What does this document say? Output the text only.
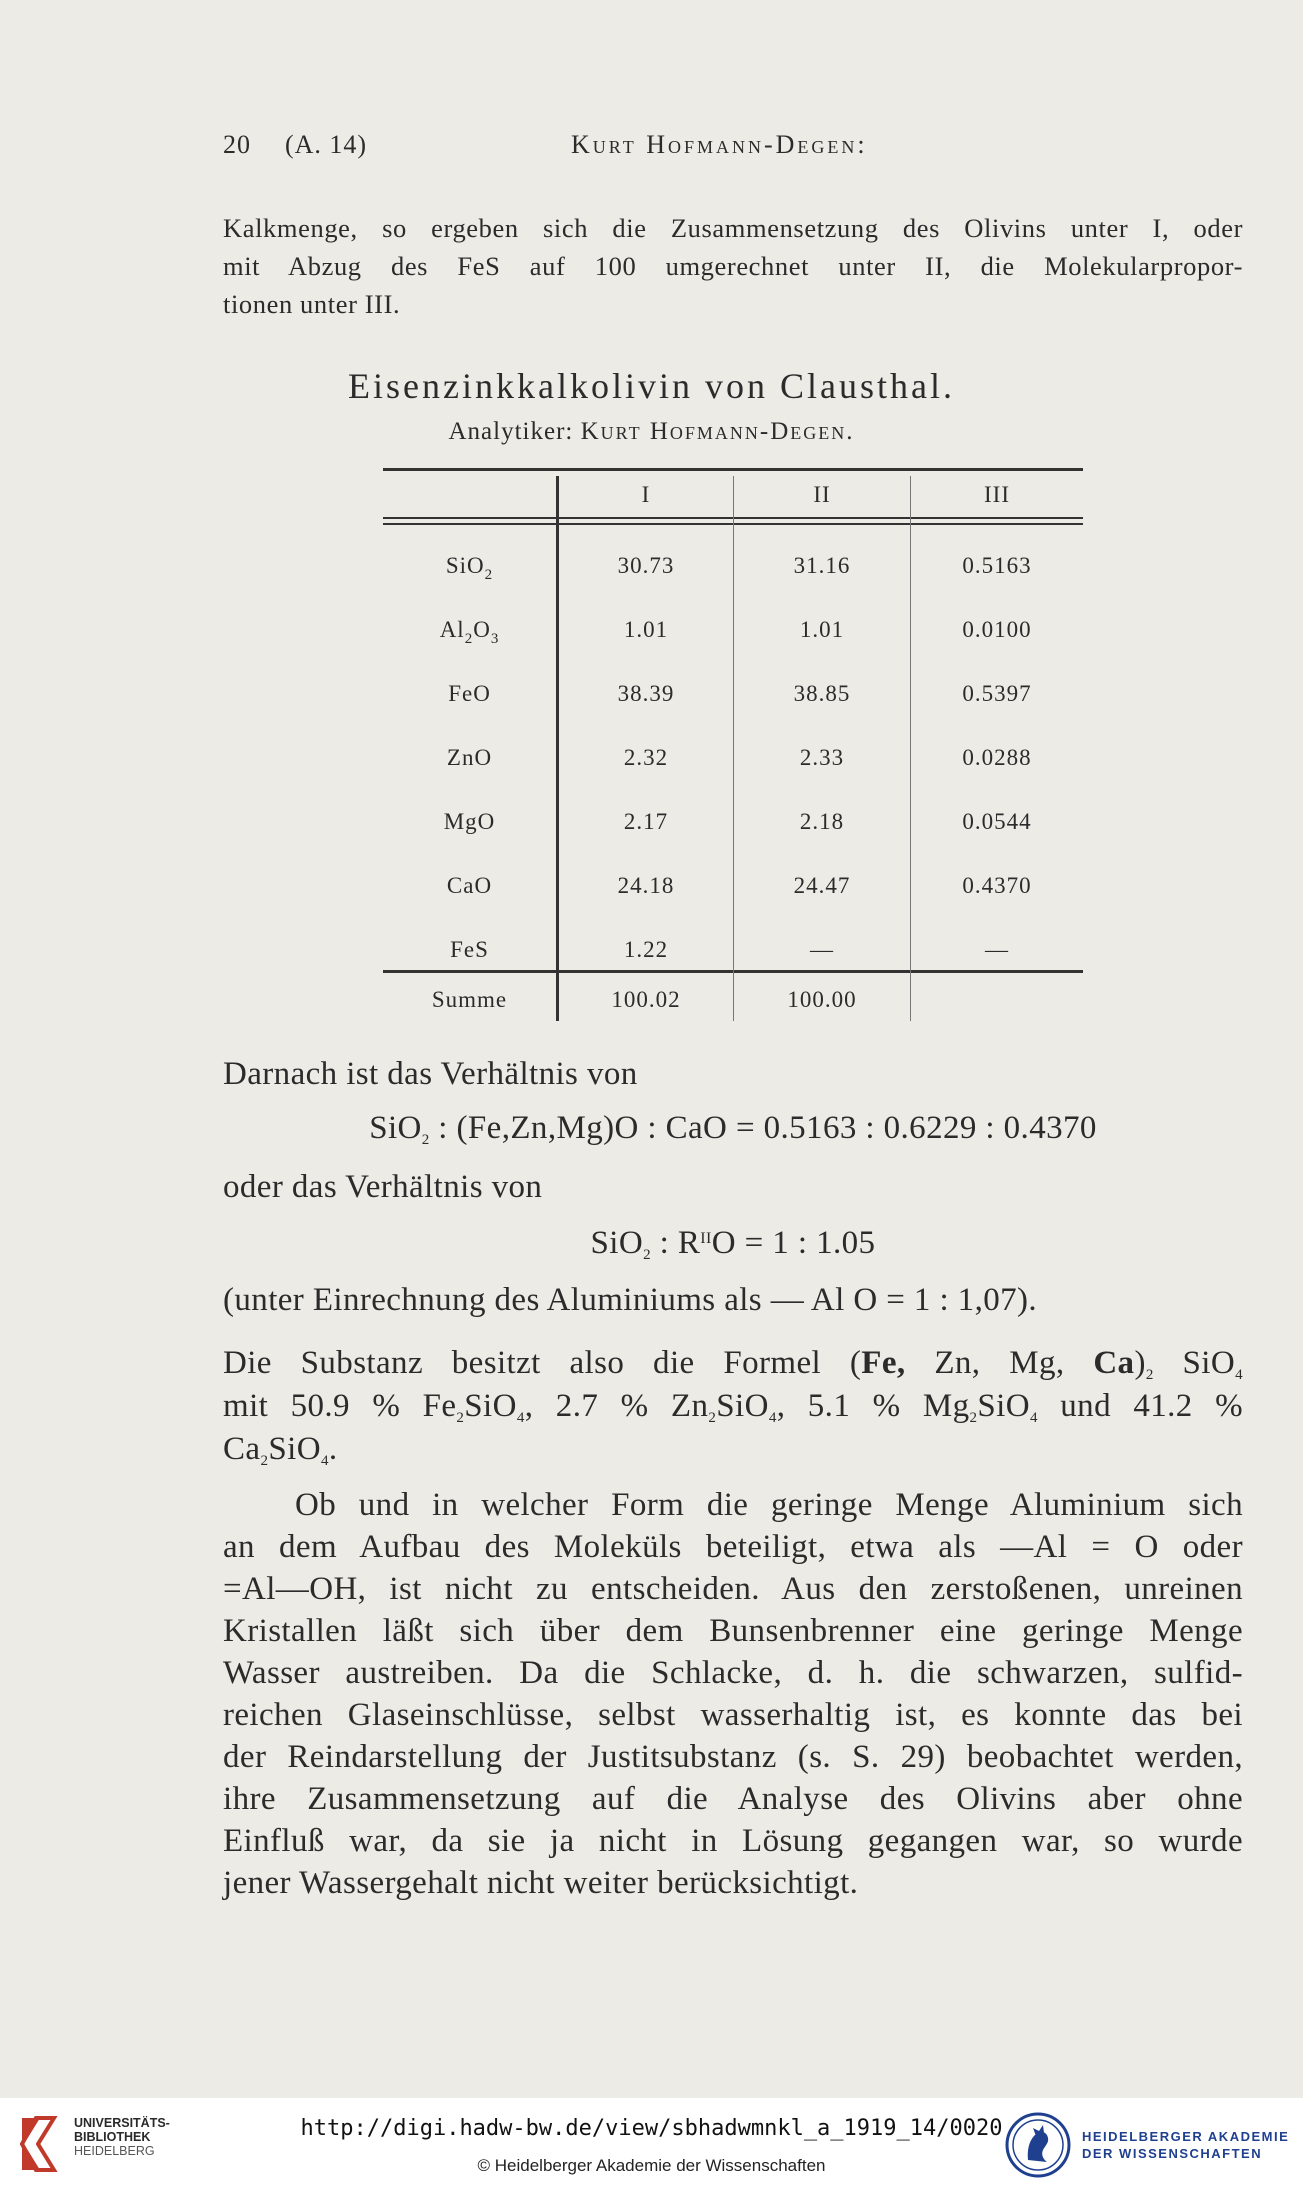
20 (A. 14)	Kurt Hofmann-Degen:
Kalkmenge, so ergeben sich die Zusammensetzung des Olivins unter I, oder
mit Abzug des FeS auf 100 umgerechnet unter II, die Molekularpropor-
tionen unter III.
Eisenzinkkalkolivin von Clausthal.
Analytiker: Kurt Hofmann-Degen.
I	II	III
SiO$_2$	30.73	31.16	0.5163
$Al_2O_3$	1.01	1.01	0.0100
FeO	38.39	38.85	0.5397
ZnO	2.32	2.33	0.0288
MgO	2.17	2.18	0.0544
CaO	24.18	24.47	0.4370
FeS	1.22	—	—
Summe	100.02	100.00
Darnach ist das Verhältnis von
SiO$_2$ : (Fe,Zn,Mg)O : CaO = 0.5163 : 0.6229 : 0.4370
oder das Verhältnis von
SiO$_2$ : $R^{II}O = 1$ : 1.05
(unter Einrechnung des Aluminiums als — Al O = 1 : 1,07).
Die Substanz besitzt also die Formel (Fe, Zn, Mg, $Ca)_2$ SiO$_4$
mit 50.9 % $Fe_2SiO_4$, 2.7 % $Zn_2SiO_4$, 5.1 % $Mg_2SiO_4$ und 41.2 %
$Ca_2SiO_4$.
Ob und in welcher Form die geringe Menge Aluminium sich
an dem Aufbau des Moleküls beteiligt, etwa als —Al = O oder
=Al—OH, ist nicht zu entscheiden. Aus den zerstoßenen, unreinen
Kristallen läßt sich über dem Bunsenbrenner eine geringe Menge
Wasser austreiben. Da die Schlacke, d. h. die schwarzen, sulfid-
reichen Glaseinschlüsse, selbst wasserhaltig ist, es konnte das bei
der Reindarstellung der Justitsubstanz (s. S. 29) beobachtet werden,
ihre Zusammensetzung auf die Analyse des Olivins aber ohne
Einfluß war, da sie ja nicht in Lösung gegangen war, so wurde
jener Wassergehalt nicht weiter berücksichtigt.
UNIVERSITÄTS-
BIBLIOTHEK
HEIDELBERG
http://digi.hadw-bw.de/view/sbhadwmnkl_a_1919_14/0020
© Heidelberger Akademie der Wissenschaften
HEIDELBERGER AKADEMIE
DER WISSENSCHAFTEN
